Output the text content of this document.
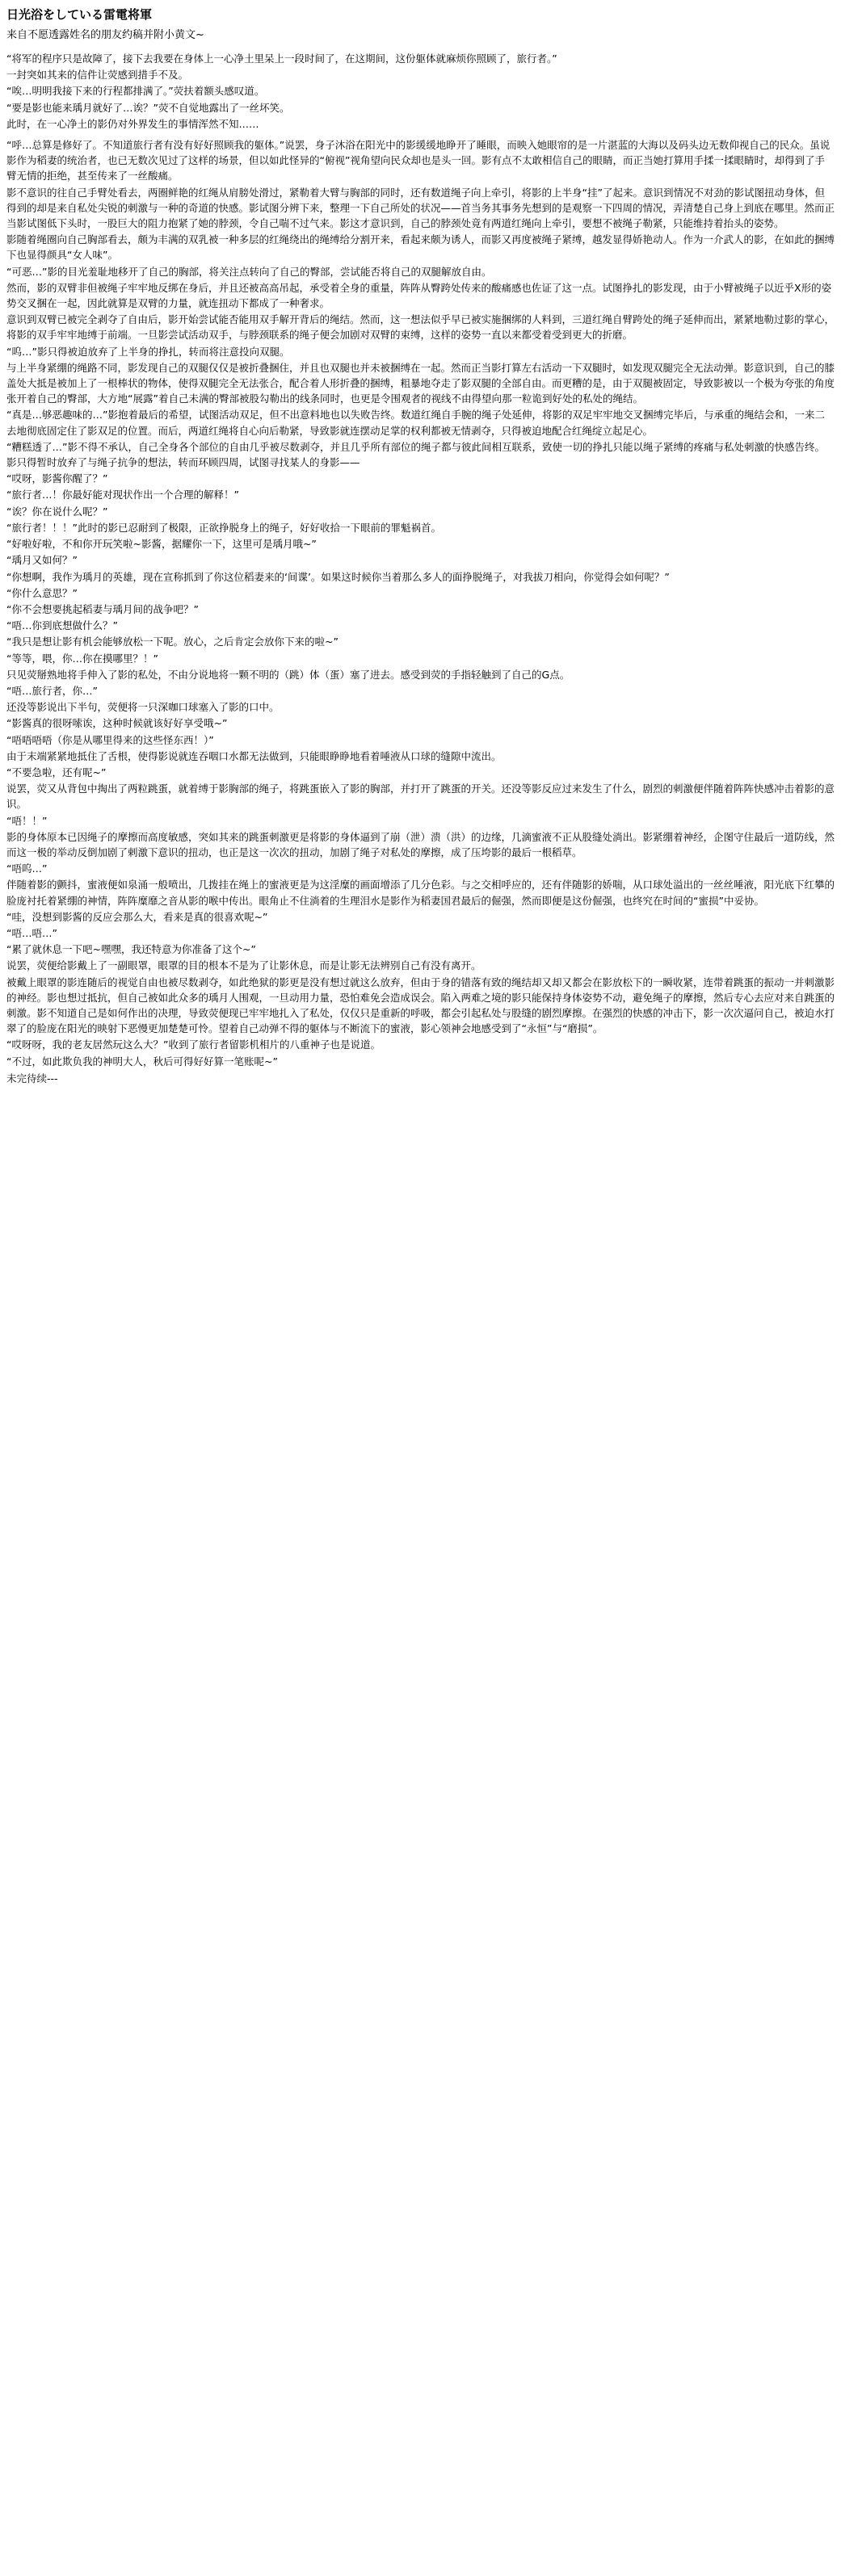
日光浴をしている雷電将軍
来自不愿透露姓名的朋友约稿并附小黄文~

“将军的程序只是故障了，接下去我要在身体上一心净土里呆上一段时间了，在这期间，这份躯体就麻烦你照顾了，旅行者。”

一封突如其来的信件让荧感到措手不及。

“唉…明明我接下来的行程都排满了。”荧扶着额头感叹道。

“要是影也能来瑀月就好了…诶？”荧不自觉地露出了一丝坏笑。

此时，在一心净土的影仍对外界发生的事情浑然不知……

“呼…总算是修好了。不知道旅行者有没有好好照顾我的躯体。”说罢，身子沐浴在阳光中的影缓缓地睁开了睡眼，而映入她眼帘的是一片湛蓝的大海以及码头边无数仰视自己的民众。虽说影作为稻妻的统治者，也已无数次见过了这样的场景，但以如此怪异的“俯视”视角望向民众却也是头一回。影有点不太敢相信自己的眼睛，而正当她打算用手揉一揉眼睛时，却得到了手臂无情的拒绝，甚至传来了一丝酸痛。

影不意识的往自己手臂处看去，两圈鲜艳的红绳从肩膀处滑过，紧勒着大臂与胸部的同时，还有数道绳子向上牵引，将影的上半身“挂”了起来。意识到情况不对劲的影试图扭动身体，但得到的却是来自私处尖锐的刺激与一种的奇道的快感。影试图分辨下来，整理一下自己所处的状况——首当务其事务先想到的是观察一下四周的情况，弄清楚自己身上到底在哪里。然而正当影试图低下头时，一股巨大的阻力抱紧了她的脖颈，令自己喘不过气来。影这才意识到，自己的脖颈处竟有两道红绳向上牵引，要想不被绳子勒紧，只能维持着抬头的姿势。

影随着绳圈向自己胸部看去，颇为丰满的双乳被一种多层的红绳绕出的绳缚给分割开来，看起来颇为诱人，而影又再度被绳子紧缚，越发显得娇艳动人。作为一介武人的影，在如此的捆缚下也显得颜具“女人味”。

“可恶…”影的目光羞耻地移开了自己的胸部，将关注点转向了自己的臀部，尝试能否将自己的双腿解放自由。

然而，影的双臂非但被绳子牢牢地反绑在身后，并且还被高高吊起，承受着全身的重量，阵阵从臀跨处传来的酸痛感也佐证了这一点。试图挣扎的影发现，由于小臂被绳子以近乎X形的姿势交叉捆在一起，因此就算是双臂的力量，就连扭动下都成了一种奢求。

意识到双臂已被完全剥夺了自由后，影开始尝试能否能用双手解开背后的绳结。然而，这一想法似乎早已被实施捆绑的人料到，三道红绳自臂跨处的绳子延伸而出，紧紧地勒过影的掌心，将影的双手牢牢地缚于前端。一旦影尝试活动双手，与脖颈联系的绳子便会加剧对双臂的束缚，这样的姿势一直以来都受着受到更大的折磨。

“呜…”影只得被迫放弃了上半身的挣扎，转而将注意投向双腿。

与上半身紧绷的绳路不同，影发现自己的双腿仅仅是被折叠捆住，并且也双腿也并未被捆缚在一起。然而正当影打算左右活动一下双腿时，如发现双腿完全无法动弹。影意识到，自己的膝盖处大抵是被加上了一根棒状的物体，使得双腿完全无法张合，配合着人形折叠的捆缚，粗暴地夺走了影双腿的全部自由。而更糟的是，由于双腿被固定，导致影被以一个极为夸张的角度张开着自己的臀部，大方地“展露”着自己未满的臀部被股勾勒出的线条同时，也更是令围观者的视线不由得望向那一粒诡到好处的私处的绳结。

“真是…够恶趣味的…”影抱着最后的希望，试图活动双足，但不出意料地也以失败告终。数道红绳自手腕的绳子处延伸，将影的双足牢牢地交叉捆缚完毕后，与承重的绳结会和，一来二去地彻底固定住了影双足的位置。而后，两道红绳将自心向后勒紧，导致影就连摆动足掌的权利都被无情剥夺，只得被迫地配合红绳绽立起足心。

“糟糕透了…”影不得不承认，自己全身各个部位的自由几乎被尽数剥夺，并且几乎所有部位的绳子都与彼此间相互联系，致使一切的挣扎只能以绳子紧缚的疼痛与私处刺激的快感告终。影只得暂时放弃了与绳子抗争的想法，转而环顾四周，试图寻找某人的身影——

“哎呀，影酱你醒了？”

“旅行者…！你最好能对现状作出一个合理的解释！”

“诶？你在说什么呢？”

“旅行者！！！”此时的影已忍耐到了极限，正欲挣脱身上的绳子，好好收拾一下眼前的罪魁祸首。

“好啦好啦，不和你开玩笑啦~影酱，据耀你一下，这里可是瑀月哦~”

“瑀月又如何？”

“你想啊，我作为瑀月的英雄，现在宣称抓到了你这位稻妻来的‘间谍’。如果这时候你当着那么多人的面挣脱绳子，对我拔刀相向，你觉得会如何呢？”

“你什么意思？”

“你不会想要挑起稻妻与瑀月间的战争吧？”

“唔…你到底想做什么？”

“我只是想让影有机会能够放松一下呢。放心，之后肯定会放你下来的啦~”

“等等，喂，你…你在摸哪里？！”

只见荧掰熟地将手伸入了影的私处，不由分说地将一颗不明的（跳）体（蛋）塞了进去。感受到荧的手指轻触到了自己的G点。

“唔…旅行者，你…”

还没等影说出下半句，荧便将一只深咖口球塞入了影的口中。

“影酱真的很呀嗦诶，这种时候就该好好享受哦~”

“唔唔唔唔（你是从哪里得来的这些怪东西！）”

由于末端紧紧地抵住了舌根，使得影说就连吞咽口水都无法做到，只能眼睁睁地看着唾液从口球的缝隙中流出。

“不要急啦，还有呢~”

说罢，荧又从背包中掏出了两粒跳蛋，就着缚于影胸部的绳子，将跳蛋嵌入了影的胸部，并打开了跳蛋的开关。还没等影反应过来发生了什么，剧烈的刺激便伴随着阵阵快感冲击着影的意识。

“唔！！”

影的身体原本已因绳子的摩擦而高度敏感，突如其来的跳蛋刺激更是将影的身体逼到了崩（泄）溃（洪）的边缘，几滴蜜液不正从股缝处淌出。影紧绷着神经，企图守住最后一道防线，然而这一极的举动反倒加剧了剌激下意识的扭动，也正是这一次次的扭动，加剧了绳子对私处的摩擦，成了压垮影的最后一根稻草。

“唔呜…”

伴随着影的颤抖，蜜液便如泉涌一般喷出，几拨挂在绳上的蜜液更是为这淫糜的画面增添了几分色彩。与之交相呼应的，还有伴随影的娇喘，从口球处溢出的一丝丝唾液，阳光底下红攀的脸庞衬托着紧绷的神情，阵阵糜靡之音从影的喉中传出。眼角止不住淌着的生理泪水是影作为稻妻国君最后的倔强，然而即便是这份倔强，也终究在时间的“蜜损”中妥协。

“哇，没想到影酱的反应会那么大，看来是真的很喜欢呢~”

“唔…唔…”

“累了就休息一下吧~嘿嘿，我还特意为你准备了这个~”

说罢，荧便给影戴上了一副眼罩，眼罩的目的根本不是为了让影休息，而是让影无法辨别自己有没有离开。

被戴上眼罩的影连随后的视觉自由也被尽数剥夺，如此绝狱的影更是没有想过就这么放弃，但由于身的错落有致的绳结却又却又都会在影放松下的一瞬收紧，连带着跳蛋的振动一并刺激影的神经。影也想过抵抗，但自己被如此众多的瑀月人围观，一旦动用力量，恐怕难免会造成误会。陷入两难之境的影只能保持身体姿势不动，避免绳子的摩擦，然后专心去应对来自跳蛋的刺激。影不知道自己是如何作出的决理，导致荧便现已牢牢地扎入了私处，仅仅只是重新的呼吸，都会引起私处与股缝的剧烈摩擦。在强烈的快感的冲击下，影一次次逼问自己，被迫水打翠了的脸庞在阳光的映射下恶慢更加楚楚可怜。望着自己动弹不得的躯体与不断流下的蜜液，影心领神会地感受到了“永恒”与“磨损”。

“哎呀呀，我的老友居然玩这么大？”收到了旅行者留影机相片的八重神子也是说道。

“不过，如此欺负我的神明大人，秋后可得好好算一笔账呢~”

未完待续---
